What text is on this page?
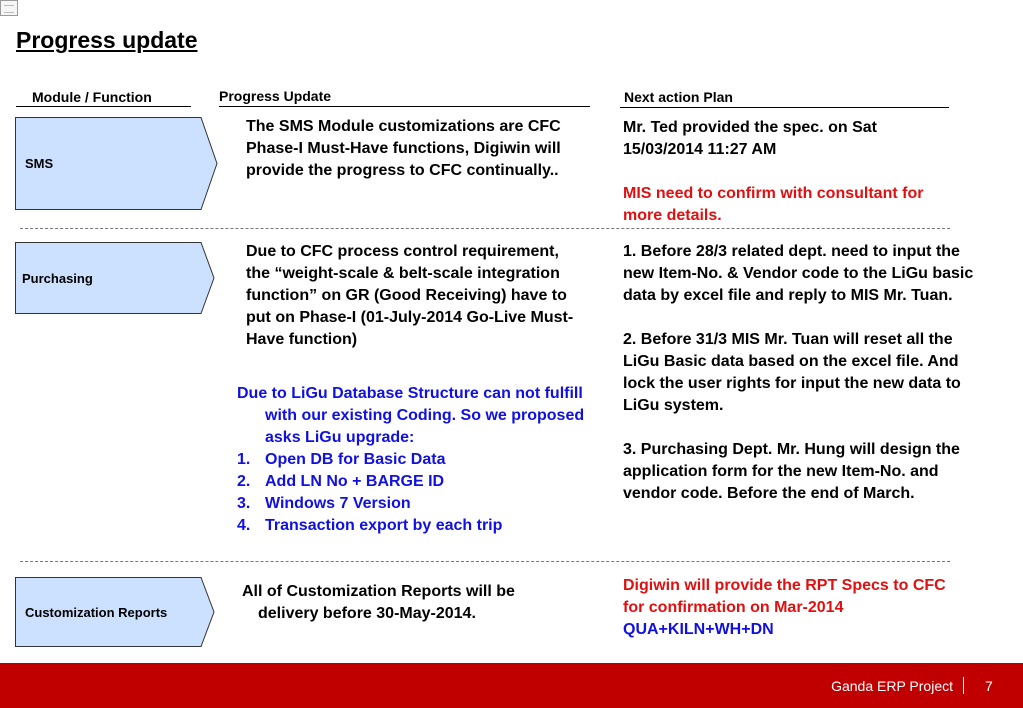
Progress update
Module / Function	Progress Update	Next action Plan
SMS
The SMS Module customizations are CFC Phase-I Must-Have functions, Digiwin will provide the progress to CFC continually..

Mr. Ted provided the spec. on Sat 15/03/2014 11:27 AM

MIS need to confirm with consultant for more details.

Purchasing
Due to CFC process control requirement, the “weight-scale & belt-scale integration function” on GR (Good Receiving) have to put on Phase-I (01-July-2014 Go-Live Must-Have function)
Due to LiGu Database Structure can not fulfill with our existing Coding. So we proposed asks LiGu upgrade:
1. Open DB for Basic Data
2. Add LN No + BARGE ID
3. Windows 7 Version
4. Transaction export by each trip

1. Before 28/3 related dept. need to input the new Item-No. & Vendor code to the LiGu basic data by excel file and reply to MIS Mr. Tuan.

2. Before 31/3 MIS Mr. Tuan will reset all the LiGu Basic data based on the excel file. And lock the user rights for input the new data to LiGu system.

3. Purchasing Dept. Mr. Hung will design the application form for the new Item-No. and vendor code. Before the end of March.

Customization Reports
All of Customization Reports will be delivery before 30-May-2014.

Digiwin will provide the RPT Specs to CFC for confirmation on Mar-2014

QUA+KILN+WH+DN

Ganda ERP Project 7
